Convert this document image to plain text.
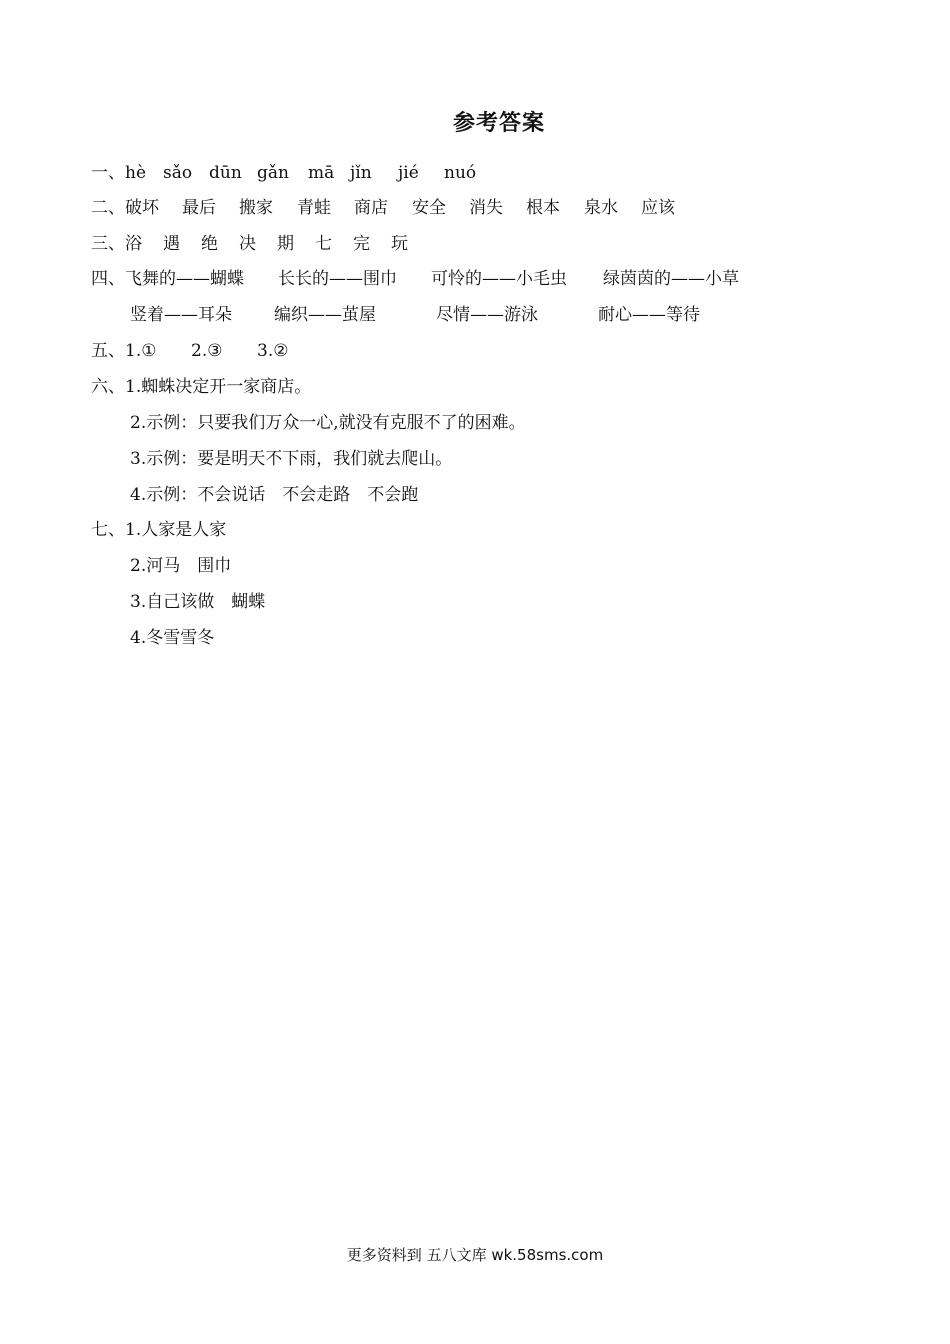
参考答案
一、hè sǎo dūn gǎn mā jǐn jié nuó
二、破坏 最后 搬家 青蛙 商店 安全 消失 根本 泉水 应该
三、浴 遇 绝 决 期 七 完 玩
四、飞舞的——蝴蝶 长长的——围巾 可怜的——小毛虫 绿茵茵的——小草
竖着——耳朵 编织——茧屋	尽情——游泳	耐心——等待
五、1.① 2.③ 3.②
六、1.蜘蛛决定开一家商店。
2.示例：只要我们万众一心,就没有克服不了的困难。
3.示例：要是明天不下雨，我们就去爬山。
4.示例：不会说话　不会走路　不会跑
七、1.人家是人家
2.河马　围巾
3.自己该做　蝴蝶
4.冬雪雪冬
更多资料到 五八文库 wk.58sms.com
